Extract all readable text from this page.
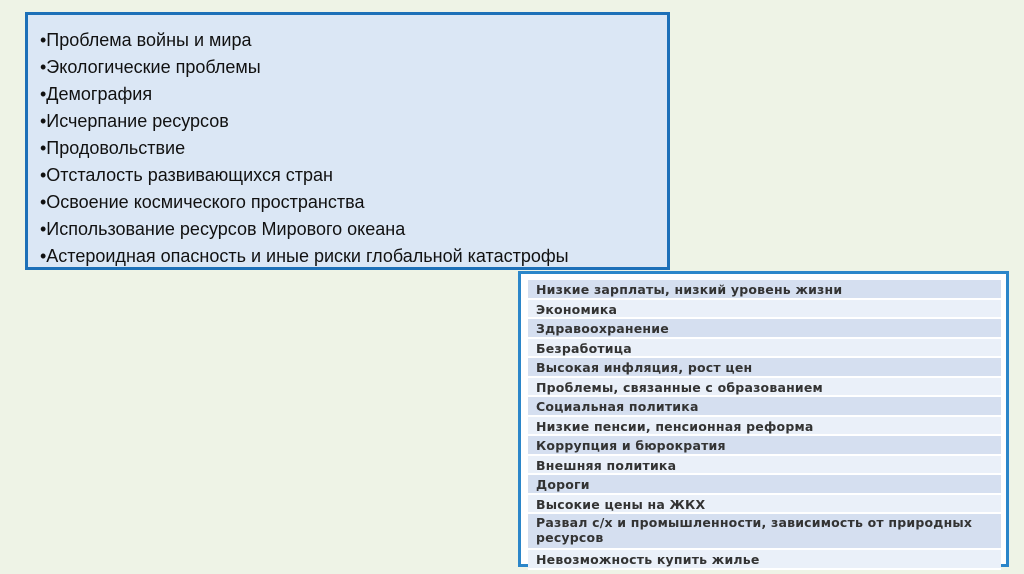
•Проблема войны и мира
•Экологические проблемы
•Демография
•Исчерпание ресурсов
•Продовольствие
•Отсталость развивающихся стран
•Освоение космического пространства
•Использование ресурсов Мирового океана
•Астероидная опасность и иные риски глобальной катастрофы
Низкие зарплаты, низкий уровень жизни
Экономика
Здравоохранение
Безработица
Высокая инфляция, рост цен
Проблемы, связанные с образованием
Социальная политика
Низкие пенсии, пенсионная реформа
Коррупция и бюрократия
Внешняя политика
Дороги
Высокие цены на ЖКХ
Развал с/х и промышленности, зависимость от природных ресурсов
Невозможность купить жилье
